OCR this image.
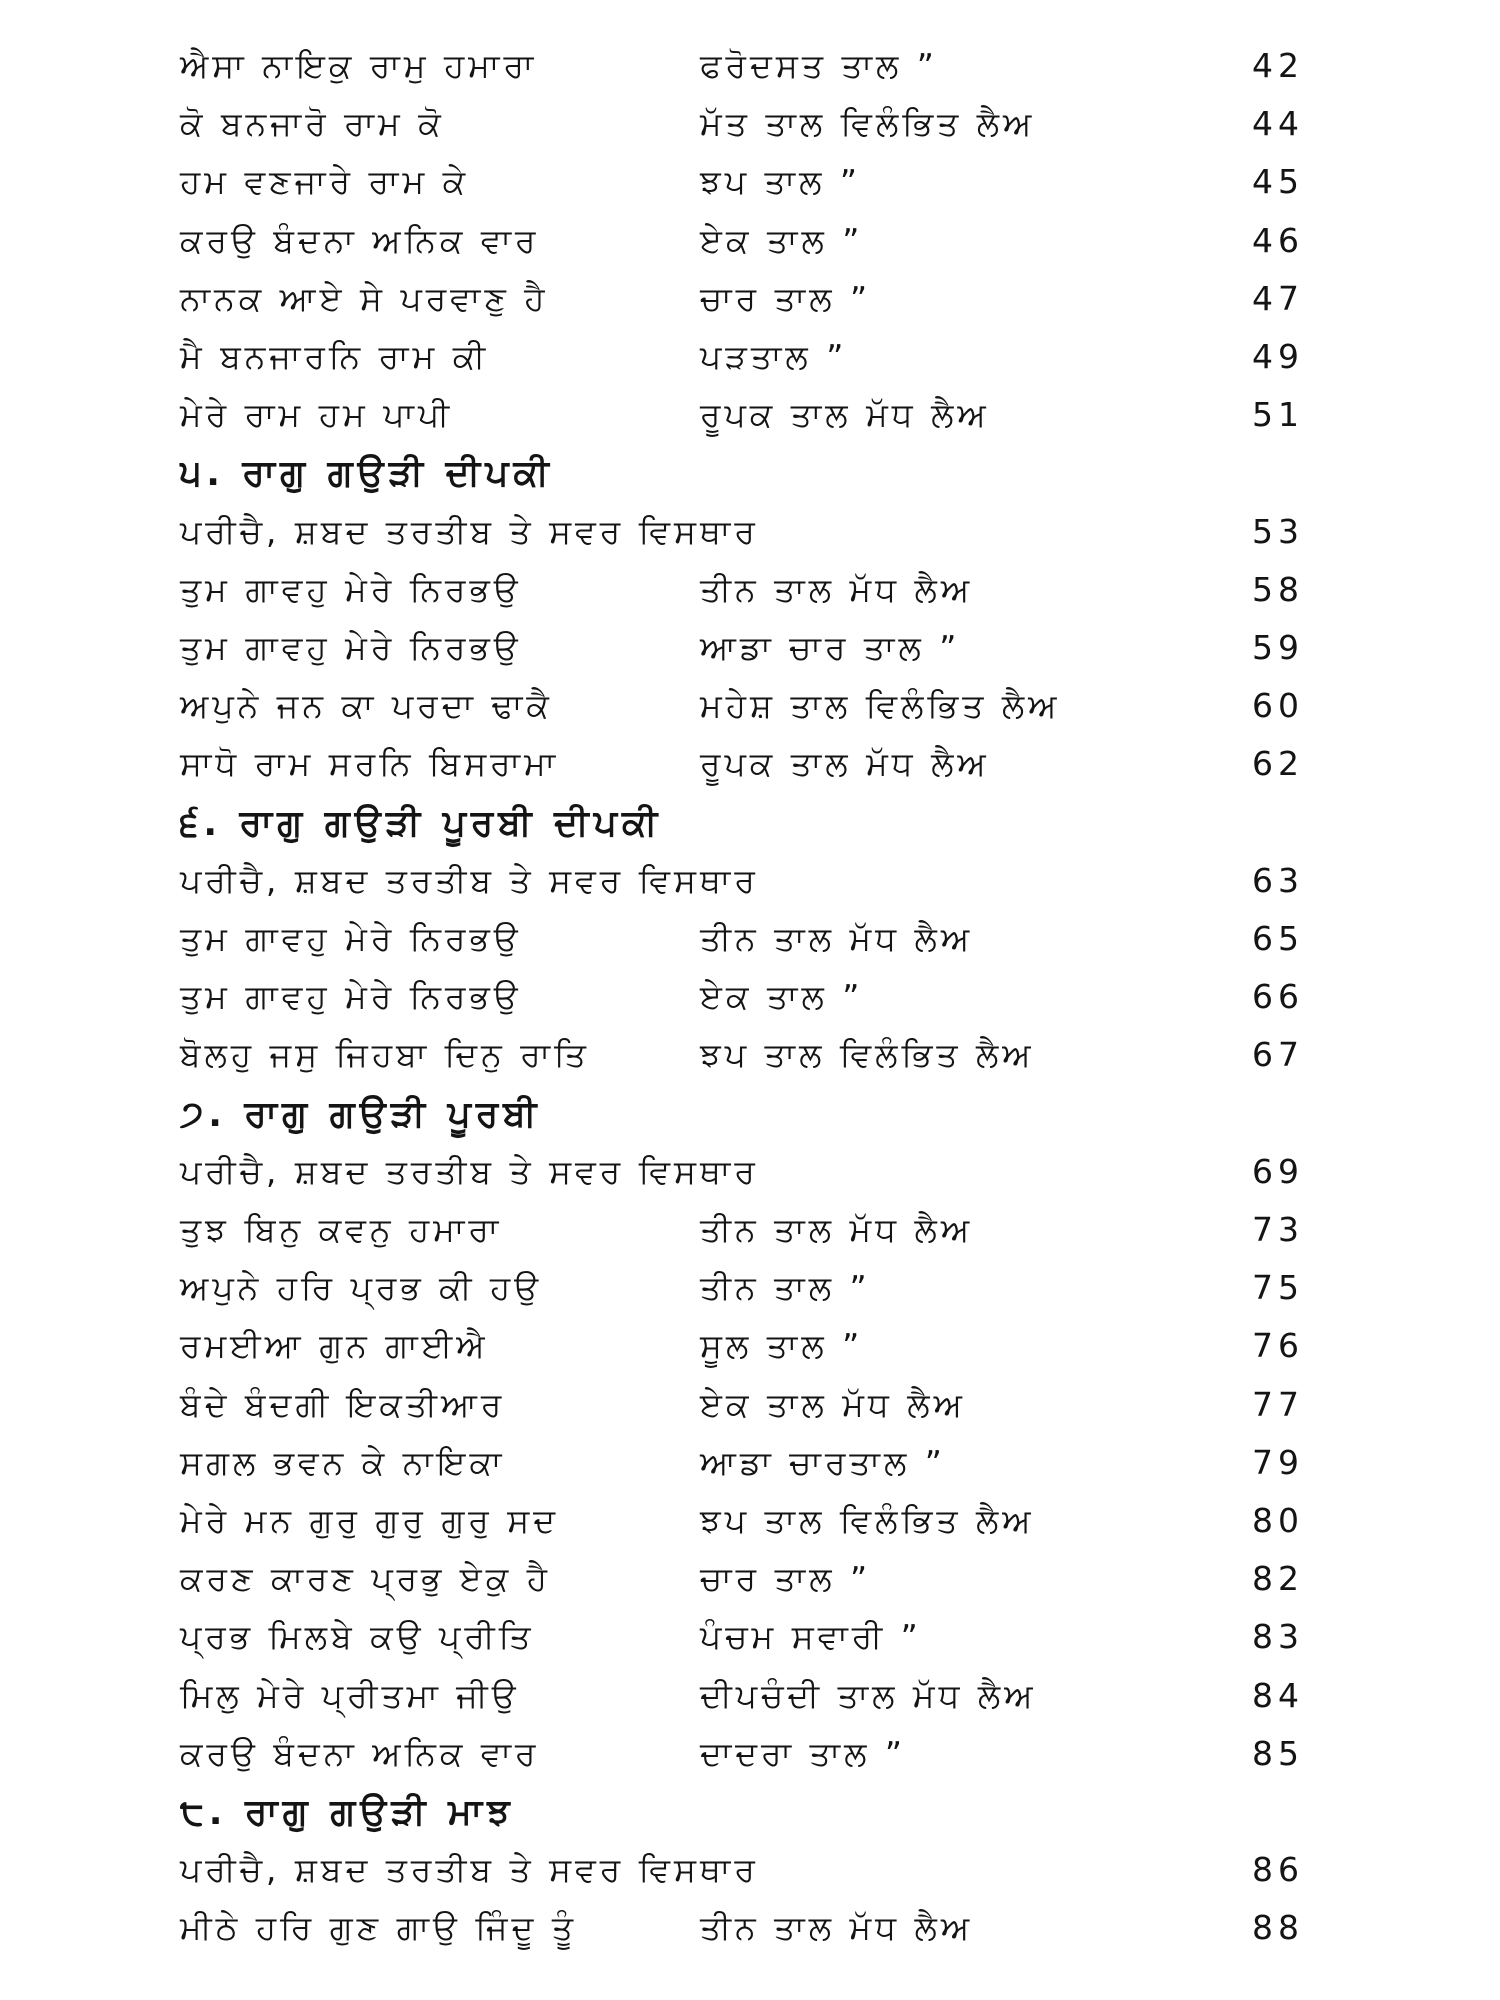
ਐਸਾ ਨਾਇਕੁ ਰਾਮੁ ਹਮਾਰਾ	ਫਰੋਦਸਤ ਤਾਲ ”	42
ਕੋ ਬਨਜਾਰੋ ਰਾਮ ਕੋ	ਮੱਤ ਤਾਲ ਵਿਲੰਭਿਤ ਲੈਅ	44
ਹਮ ਵਣਜਾਰੇ ਰਾਮ ਕੇ	ਝਪ ਤਾਲ ”	45
ਕਰਉ ਬੰਦਨਾ ਅਨਿਕ ਵਾਰ	ਏਕ ਤਾਲ ”	46
ਨਾਨਕ ਆਏ ਸੇ ਪਰਵਾਣੁ ਹੈ	ਚਾਰ ਤਾਲ ”	47
ਮੈ ਬਨਜਾਰਨਿ ਰਾਮ ਕੀ	ਪੜਤਾਲ ”	49
ਮੇਰੇ ਰਾਮ ਹਮ ਪਾਪੀ	ਰੂਪਕ ਤਾਲ ਮੱਧ ਲੈਅ	51
੫. ਰਾਗੁ ਗਉੜੀ ਦੀਪਕੀ
ਪਰੀਚੈ, ਸ਼ਬਦ ਤਰਤੀਬ ਤੇ ਸਵਰ ਵਿਸਥਾਰ	53
ਤੁਮ ਗਾਵਹੁ ਮੇਰੇ ਨਿਰਭਉ	ਤੀਨ ਤਾਲ ਮੱਧ ਲੈਅ	58
ਤੁਮ ਗਾਵਹੁ ਮੇਰੇ ਨਿਰਭਉ	ਆਡਾ ਚਾਰ ਤਾਲ ”	59
ਅਪੁਨੇ ਜਨ ਕਾ ਪਰਦਾ ਢਾਕੈ	ਮਹੇਸ਼ ਤਾਲ ਵਿਲੰਭਿਤ ਲੈਅ	60
ਸਾਧੋ ਰਾਮ ਸਰਨਿ ਬਿਸਰਾਮਾ	ਰੂਪਕ ਤਾਲ ਮੱਧ ਲੈਅ	62
੬. ਰਾਗੁ ਗਉੜੀ ਪੂਰਬੀ ਦੀਪਕੀ
ਪਰੀਚੈ, ਸ਼ਬਦ ਤਰਤੀਬ ਤੇ ਸਵਰ ਵਿਸਥਾਰ	63
ਤੁਮ ਗਾਵਹੁ ਮੇਰੇ ਨਿਰਭਉ	ਤੀਨ ਤਾਲ ਮੱਧ ਲੈਅ	65
ਤੁਮ ਗਾਵਹੁ ਮੇਰੇ ਨਿਰਭਉ	ਏਕ ਤਾਲ ”	66
ਬੋਲਹੁ ਜਸੁ ਜਿਹਬਾ ਦਿਨੁ ਰਾਤਿ	ਝਪ ਤਾਲ ਵਿਲੰਭਿਤ ਲੈਅ	67
੭. ਰਾਗੁ ਗਉੜੀ ਪੂਰਬੀ
ਪਰੀਚੈ, ਸ਼ਬਦ ਤਰਤੀਬ ਤੇ ਸਵਰ ਵਿਸਥਾਰ	69
ਤੁਝ ਬਿਨੁ ਕਵਨੁ ਹਮਾਰਾ	ਤੀਨ ਤਾਲ ਮੱਧ ਲੈਅ	73
ਅਪੁਨੇ ਹਰਿ ਪ੍ਰਭ ਕੀ ਹਉ	ਤੀਨ ਤਾਲ ”	75
ਰਮਈਆ ਗੁਨ ਗਾਈਐ	ਸੂਲ ਤਾਲ ”	76
ਬੰਦੇ ਬੰਦਗੀ ਇਕਤੀਆਰ	ਏਕ ਤਾਲ ਮੱਧ ਲੈਅ	77
ਸਗਲ ਭਵਨ ਕੇ ਨਾਇਕਾ	ਆਡਾ ਚਾਰਤਾਲ ”	79
ਮੇਰੇ ਮਨ ਗੁਰੁ ਗੁਰੁ ਗੁਰੁ ਸਦ	ਝਪ ਤਾਲ ਵਿਲੰਭਿਤ ਲੈਅ	80
ਕਰਣ ਕਾਰਣ ਪ੍ਰਭੁ ਏਕੁ ਹੈ	ਚਾਰ ਤਾਲ ”	82
ਪ੍ਰਭ ਮਿਲਬੇ ਕਉ ਪ੍ਰੀਤਿ	ਪੰਚਮ ਸਵਾਰੀ ”	83
ਮਿਲੁ ਮੇਰੇ ਪ੍ਰੀਤਮਾ ਜੀਉ	ਦੀਪਚੰਦੀ ਤਾਲ ਮੱਧ ਲੈਅ	84
ਕਰਉ ਬੰਦਨਾ ਅਨਿਕ ਵਾਰ	ਦਾਦਰਾ ਤਾਲ ”	85
੮. ਰਾਗੁ ਗਉੜੀ ਮਾਝ
ਪਰੀਚੈ, ਸ਼ਬਦ ਤਰਤੀਬ ਤੇ ਸਵਰ ਵਿਸਥਾਰ	86
ਮੀਠੇ ਹਰਿ ਗੁਣ ਗਾਉ ਜਿੰਦੂ ਤੂੰ	ਤੀਨ ਤਾਲ ਮੱਧ ਲੈਅ	88
